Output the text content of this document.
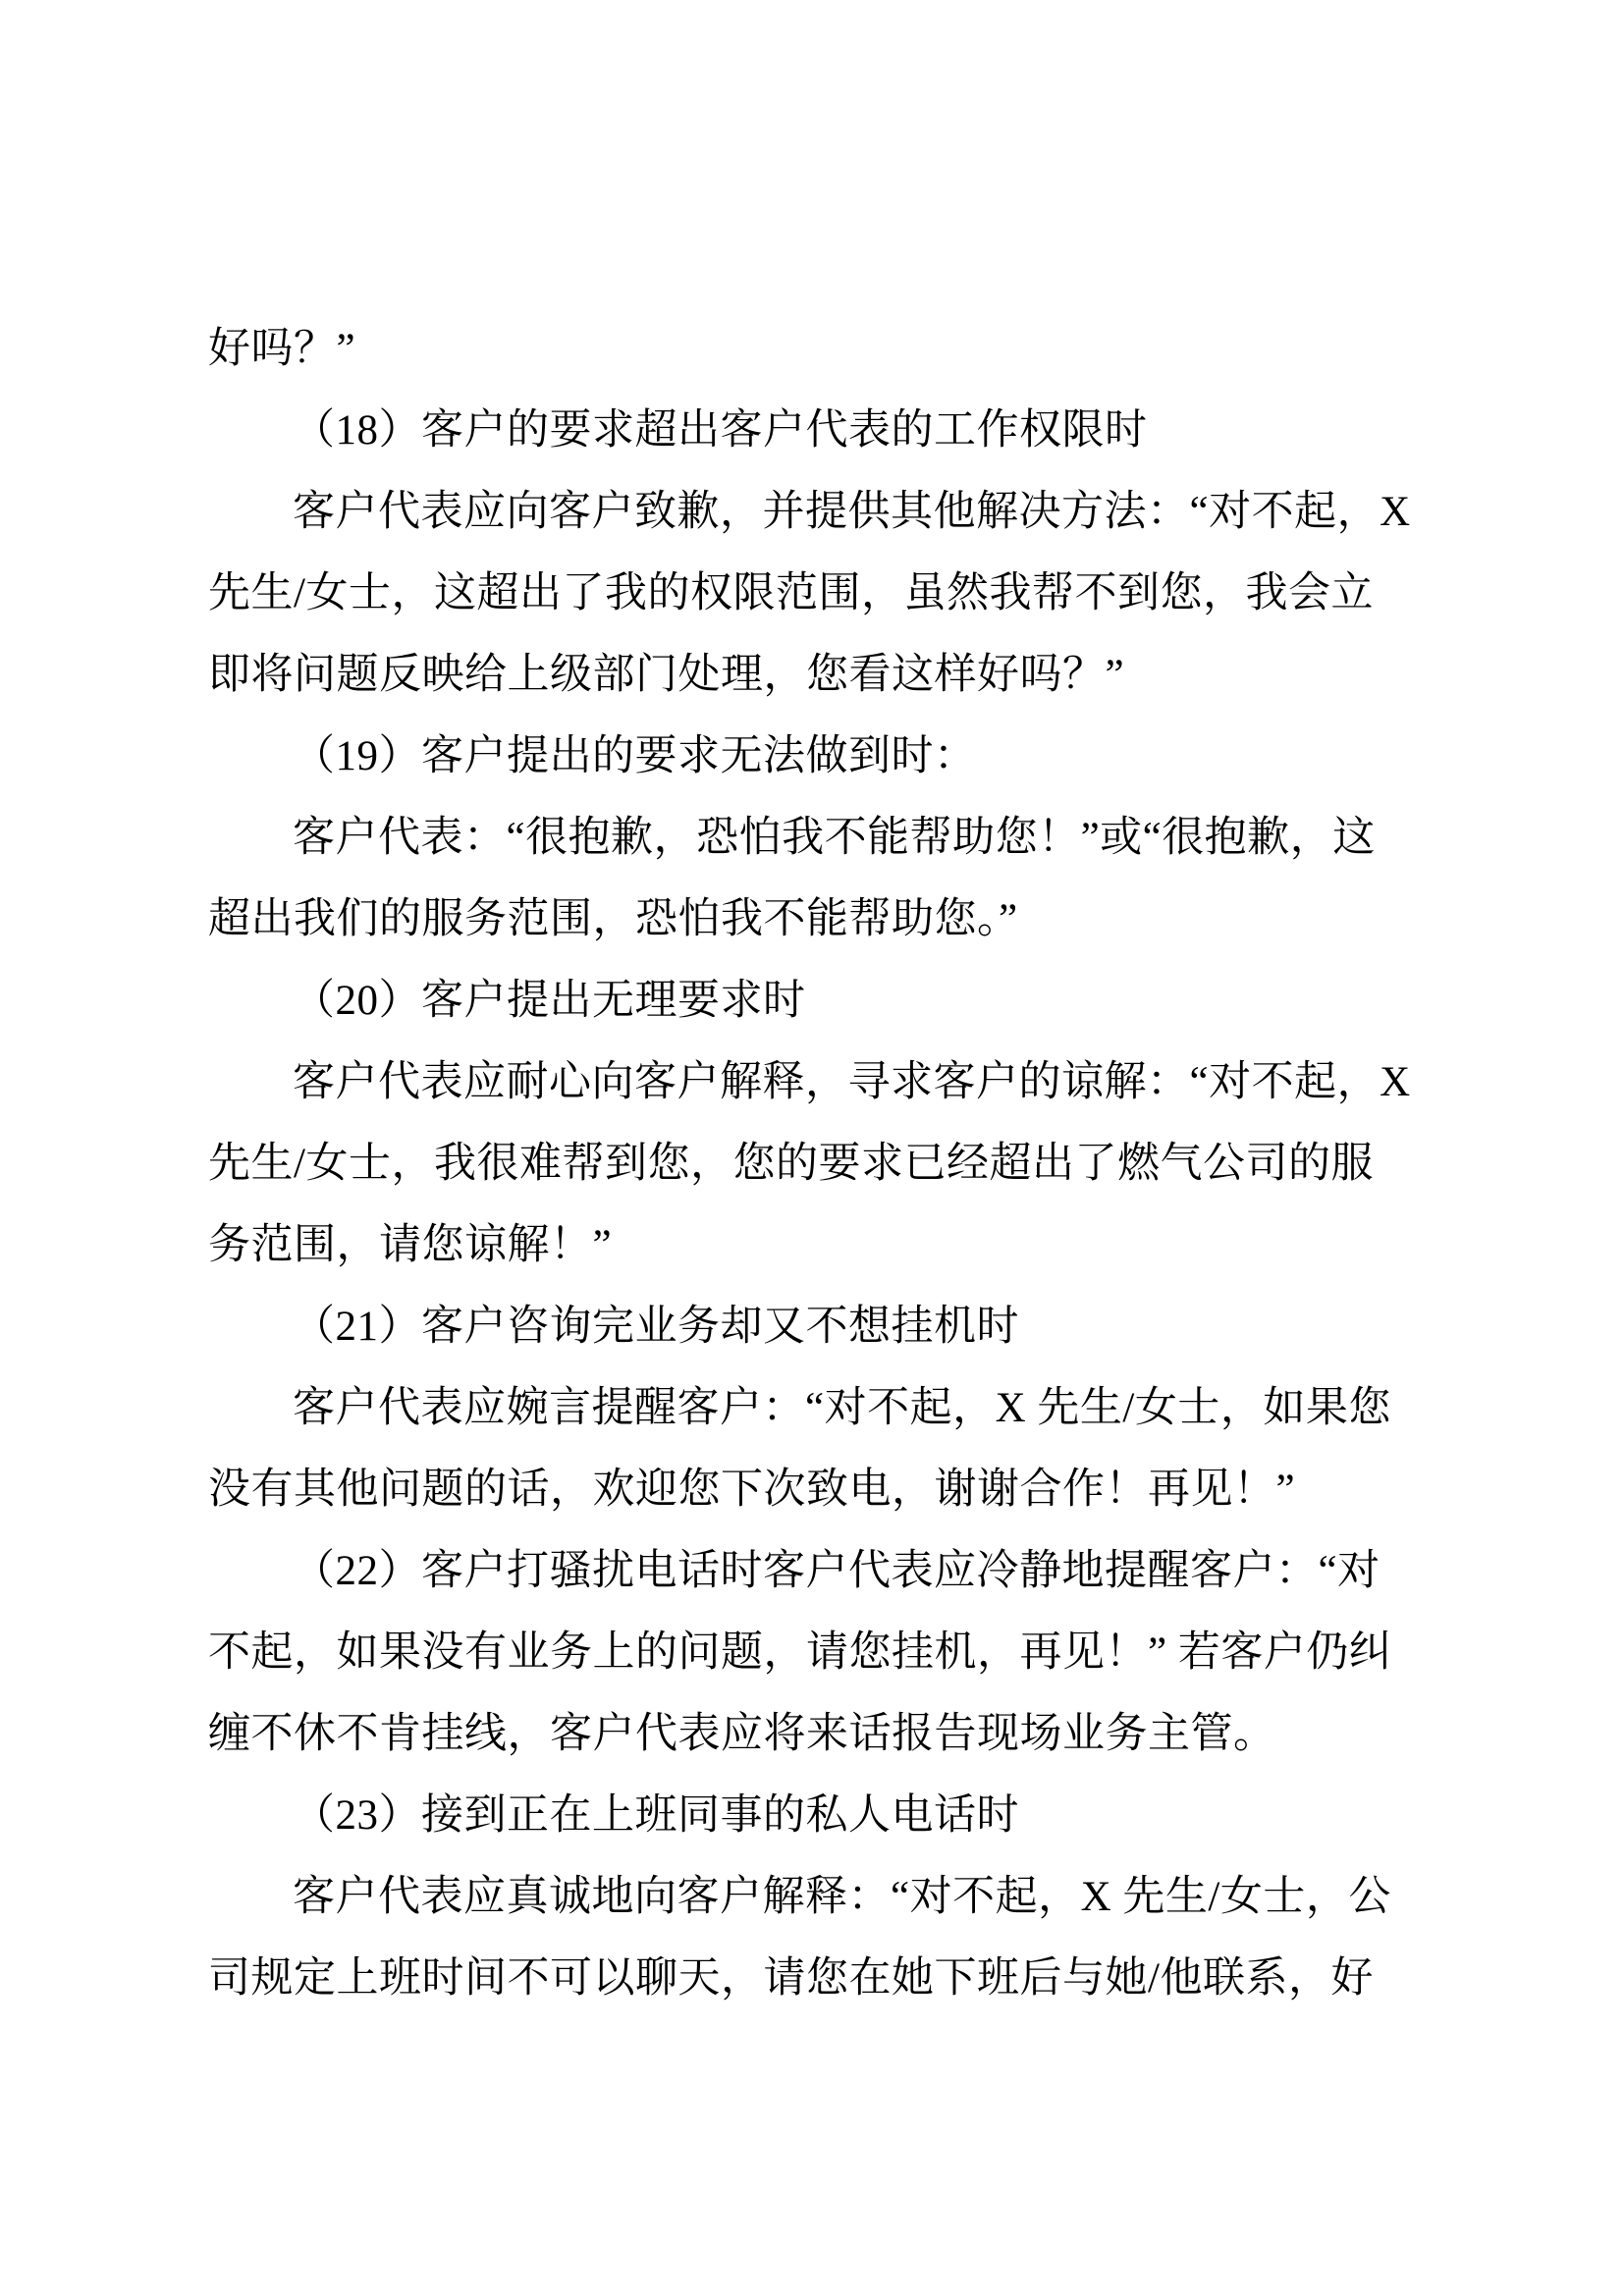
好吗？”
（18）客户的要求超出客户代表的工作权限时
客户代表应向客户致歉，并提供其他解决方法：“对不起，X
先生/女士，这超出了我的权限范围，虽然我帮不到您，我会立
即将问题反映给上级部门处理，您看这样好吗？”
（19）客户提出的要求无法做到时：
客户代表：“很抱歉，恐怕我不能帮助您！”或“很抱歉，这
超出我们的服务范围，恐怕我不能帮助您。”
（20）客户提出无理要求时
客户代表应耐心向客户解释，寻求客户的谅解：“对不起，X
先生/女士，我很难帮到您，您的要求已经超出了燃气公司的服
务范围，请您谅解！”
（21）客户咨询完业务却又不想挂机时
客户代表应婉言提醒客户：“对不起，X 先生/女士，如果您
没有其他问题的话，欢迎您下次致电，谢谢合作！再见！”
（22）客户打骚扰电话时客户代表应冷静地提醒客户：“对
不起，如果没有业务上的问题，请您挂机，再见！” 若客户仍纠
缠不休不肯挂线，客户代表应将来话报告现场业务主管。
（23）接到正在上班同事的私人电话时
客户代表应真诚地向客户解释：“对不起，X 先生/女士，公
司规定上班时间不可以聊天，请您在她下班后与她/他联系，好
